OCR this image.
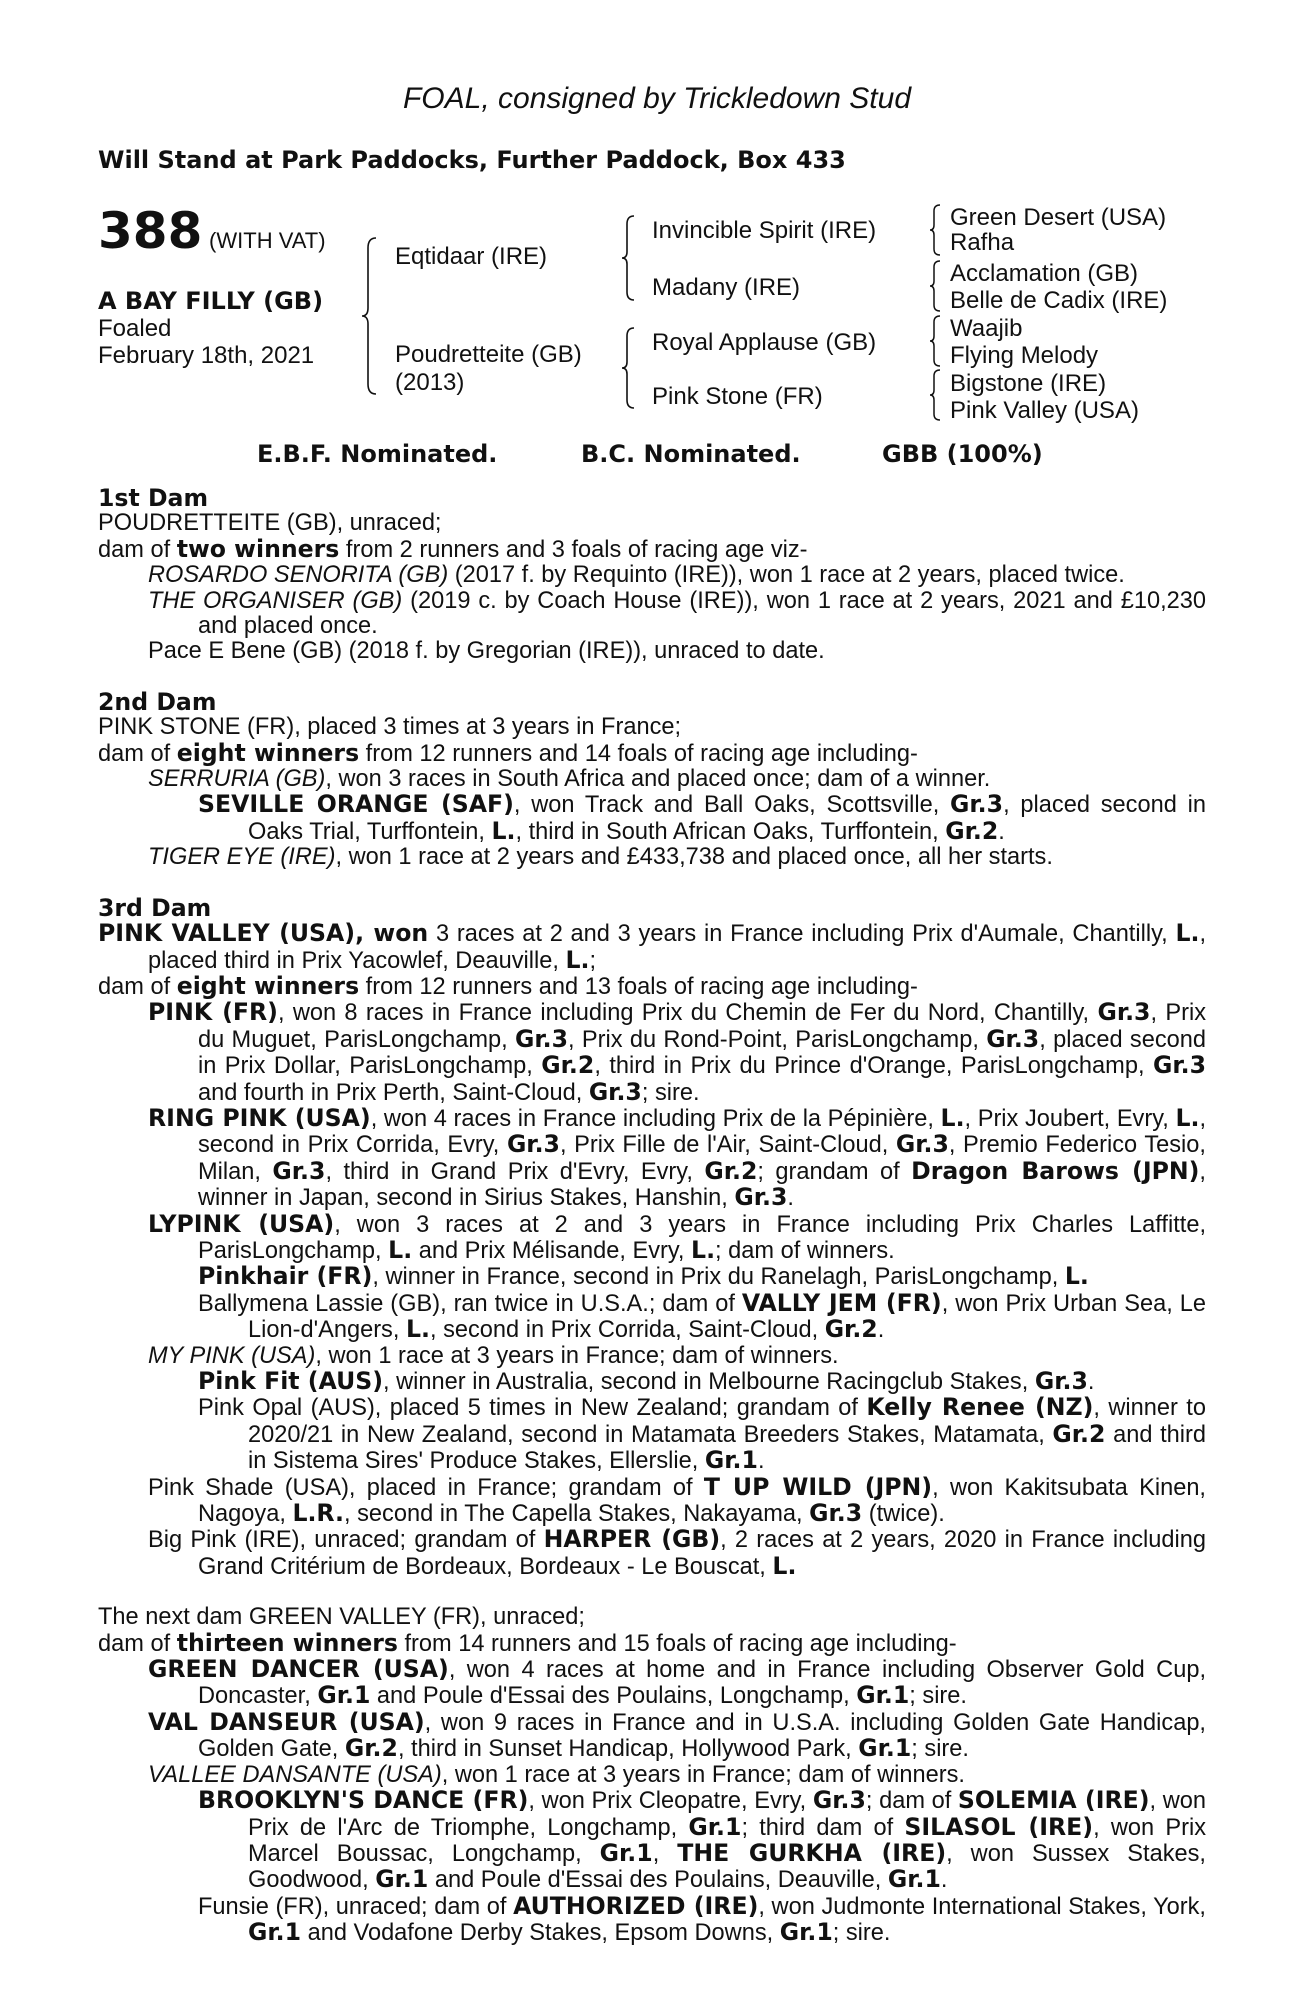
FOAL, consigned by Trickledown Stud
Will Stand at Park Paddocks, Further Paddock, Box 433
388 (WITH VAT)
A BAY FILLY (GB)
Foaled
February 18th, 2021
Eqtidaar (IRE)
Poudretteite (GB)
(2013)
Invincible Spirit (IRE)
Madany (IRE)
Royal Applause (GB)
Pink Stone (FR)
Green Desert (USA)
Rafha
Acclamation (GB)
Belle de Cadix (IRE)
Waajib
Flying Melody
Bigstone (IRE)
Pink Valley (USA)
E.B.F. Nominated.	B.C. Nominated.	GBB (100%)

1st Dam

POUDRETTEITE (GB), unraced;

dam of two winners from 2 runners and 3 foals of racing age viz-

ROSARDO SENORITA (GB) (2017 f. by Requinto (IRE)), won 1 race at 2 years, placed twice.

THE ORGANISER (GB) (2019 c. by Coach House (IRE)), won 1 race at 2 years, 2021 and £10,230 and placed once.

Pace E Bene (GB) (2018 f. by Gregorian (IRE)), unraced to date.

2nd Dam

PINK STONE (FR), placed 3 times at 3 years in France;

dam of eight winners from 12 runners and 14 foals of racing age including-

SERRURIA (GB), won 3 races in South Africa and placed once; dam of a winner.

SEVILLE ORANGE (SAF), won Track and Ball Oaks, Scottsville, Gr.3, placed second in Oaks Trial, Turffontein, L., third in South African Oaks, Turffontein, Gr.2.

TIGER EYE (IRE), won 1 race at 2 years and £433,738 and placed once, all her starts.

3rd Dam

PINK VALLEY (USA), won 3 races at 2 and 3 years in France including Prix d'Aumale, Chantilly, L., placed third in Prix Yacowlef, Deauville, L.;

dam of eight winners from 12 runners and 13 foals of racing age including-

PINK (FR), won 8 races in France including Prix du Chemin de Fer du Nord, Chantilly, Gr.3, Prix du Muguet, ParisLongchamp, Gr.3, Prix du Rond-Point, ParisLongchamp, Gr.3, placed second in Prix Dollar, ParisLongchamp, Gr.2, third in Prix du Prince d'Orange, ParisLongchamp, Gr.3 and fourth in Prix Perth, Saint-Cloud, Gr.3; sire.

RING PINK (USA), won 4 races in France including Prix de la Pépinière, L., Prix Joubert, Evry, L., second in Prix Corrida, Evry, Gr.3, Prix Fille de l'Air, Saint-Cloud, Gr.3, Premio Federico Tesio, Milan, Gr.3, third in Grand Prix d'Evry, Evry, Gr.2; grandam of Dragon Barows (JPN), winner in Japan, second in Sirius Stakes, Hanshin, Gr.3.

LYPINK (USA), won 3 races at 2 and 3 years in France including Prix Charles Laffitte, ParisLongchamp, L. and Prix Mélisande, Evry, L.; dam of winners.

Pinkhair (FR), winner in France, second in Prix du Ranelagh, ParisLongchamp, L.

Ballymena Lassie (GB), ran twice in U.S.A.; dam of VALLY JEM (FR), won Prix Urban Sea, Le Lion-d'Angers, L., second in Prix Corrida, Saint-Cloud, Gr.2.

MY PINK (USA), won 1 race at 3 years in France; dam of winners.

Pink Fit (AUS), winner in Australia, second in Melbourne Racingclub Stakes, Gr.3.

Pink Opal (AUS), placed 5 times in New Zealand; grandam of Kelly Renee (NZ), winner to 2020/21 in New Zealand, second in Matamata Breeders Stakes, Matamata, Gr.2 and third in Sistema Sires' Produce Stakes, Ellerslie, Gr.1.

Pink Shade (USA), placed in France; grandam of T UP WILD (JPN), won Kakitsubata Kinen, Nagoya, L.R., second in The Capella Stakes, Nakayama, Gr.3 (twice).

Big Pink (IRE), unraced; grandam of HARPER (GB), 2 races at 2 years, 2020 in France including Grand Critérium de Bordeaux, Bordeaux - Le Bouscat, L.

The next dam GREEN VALLEY (FR), unraced;

dam of thirteen winners from 14 runners and 15 foals of racing age including-

GREEN DANCER (USA), won 4 races at home and in France including Observer Gold Cup, Doncaster, Gr.1 and Poule d'Essai des Poulains, Longchamp, Gr.1; sire.

VAL DANSEUR (USA), won 9 races in France and in U.S.A. including Golden Gate Handicap, Golden Gate, Gr.2, third in Sunset Handicap, Hollywood Park, Gr.1; sire.

VALLEE DANSANTE (USA), won 1 race at 3 years in France; dam of winners.

BROOKLYN'S DANCE (FR), won Prix Cleopatre, Evry, Gr.3; dam of SOLEMIA (IRE), won Prix de l'Arc de Triomphe, Longchamp, Gr.1; third dam of SILASOL (IRE), won Prix Marcel Boussac, Longchamp, Gr.1, THE GURKHA (IRE), won Sussex Stakes, Goodwood, Gr.1 and Poule d'Essai des Poulains, Deauville, Gr.1.

Funsie (FR), unraced; dam of AUTHORIZED (IRE), won Judmonte International Stakes, York, Gr.1 and Vodafone Derby Stakes, Epsom Downs, Gr.1; sire.
